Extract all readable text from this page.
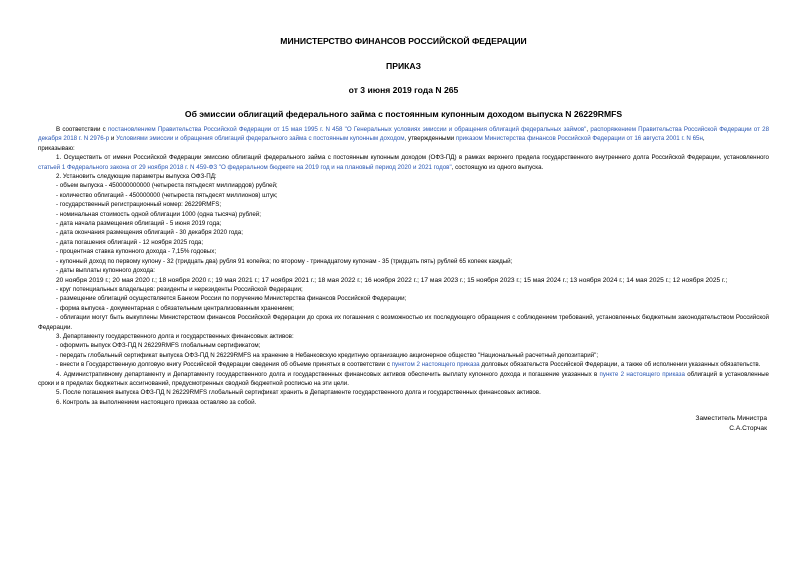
МИНИСТЕРСТВО ФИНАНСОВ РОССИЙСКОЙ ФЕДЕРАЦИИ
ПРИКАЗ
от 3 июня 2019 года N 265
Об эмиссии облигаций федерального займа с постоянным купонным доходом выпуска N 26229RMFS

В соответствии с постановлением Правительства Российской Федерации от 15 мая 1995 г. N 458 "О Генеральных условиях эмиссии и обращения облигаций федеральных займов", распоряжением Правительства Российской Федерации от 28 декабря 2018 г. N 2976-р и Условиями эмиссии и обращения облигаций федерального займа с постоянным купонным доходом, утвержденными приказом Министерства финансов Российской Федерации от 16 августа 2001 г. N 65н,

приказываю:

1. Осуществить от имени Российской Федерации эмиссию облигаций федерального займа с постоянным купонным доходом (ОФЗ-ПД) в рамках верхнего предела государственного внутреннего долга Российской Федерации, установленного статьей 1 Федерального закона от 29 ноября 2018 г. N 459-ФЗ "О федеральном бюджете на 2019 год и на плановый период 2020 и 2021 годов", состоящую из одного выпуска.

2. Установить следующие параметры выпуска ОФЗ-ПД:

- объем выпуска - 450000000000 (четыреста пятьдесят миллиардов) рублей;

- количество облигаций - 450000000 (четыреста пятьдесят миллионов) штук;

- государственный регистрационный номер: 26229RMFS;

- номинальная стоимость одной облигации 1000 (одна тысяча) рублей;

- дата начала размещения облигаций - 5 июня 2019 года;

- дата окончания размещения облигаций - 30 декабря 2020 года;

- дата погашения облигаций - 12 ноября 2025 года;

- процентная ставка купонного дохода - 7,15% годовых;

- купонный доход по первому купону - 32 (тридцать два) рубля 91 копейка; по второму - тринадцатому купонам - 35 (тридцать пять) рублей 65 копеек каждый;

- даты выплаты купонного дохода:

20 ноября 2019 г.; 20 мая 2020 г.; 18 ноября 2020 г.; 19 мая 2021 г.; 17 ноября 2021 г.; 18 мая 2022 г.; 16 ноября 2022 г.; 17 мая 2023 г.; 15 ноября 2023 г.; 15 мая 2024 г.; 13 ноября 2024 г.; 14 мая 2025 г.; 12 ноября 2025 г.;

- круг потенциальных владельцев: резиденты и нерезиденты Российской Федерации;

- размещение облигаций осуществляется Банком России по поручению Министерства финансов Российской Федерации;

- форма выпуска - документарная с обязательным централизованным хранением;

- облигации могут быть выкуплены Министерством финансов Российской Федерации до срока их погашения с возможностью их последующего обращения с соблюдением требований, установленных бюджетным законодательством Российской Федерации.

3. Департаменту государственного долга и государственных финансовых активов:

- оформить выпуск ОФЗ-ПД N 26229RMFS глобальным сертификатом;

- передать глобальный сертификат выпуска ОФЗ-ПД N 26229RMFS на хранение в Небанковскую кредитную организацию акционерное общество "Национальный расчетный депозитарий";

- внести в Государственную долговую книгу Российской Федерации сведения об объеме принятых в соответствии с пунктом 2 настоящего приказа долговых обязательств Российской Федерации, а также об исполнении указанных обязательств.

4. Административному департаменту и Департаменту государственного долга и государственных финансовых активов обеспечить выплату купонного дохода и погашение указанных в пункте 2 настоящего приказа облигаций в установленные сроки и в пределах бюджетных ассигнований, предусмотренных сводной бюджетной росписью на эти цели.

5. После погашения выпуска ОФЗ-ПД N 26229RMFS глобальный сертификат хранить в Департаменте государственного долга и государственных финансовых активов.

6. Контроль за выполнением настоящего приказа оставляю за собой.

Заместитель Министра
С.А.Сторчак
